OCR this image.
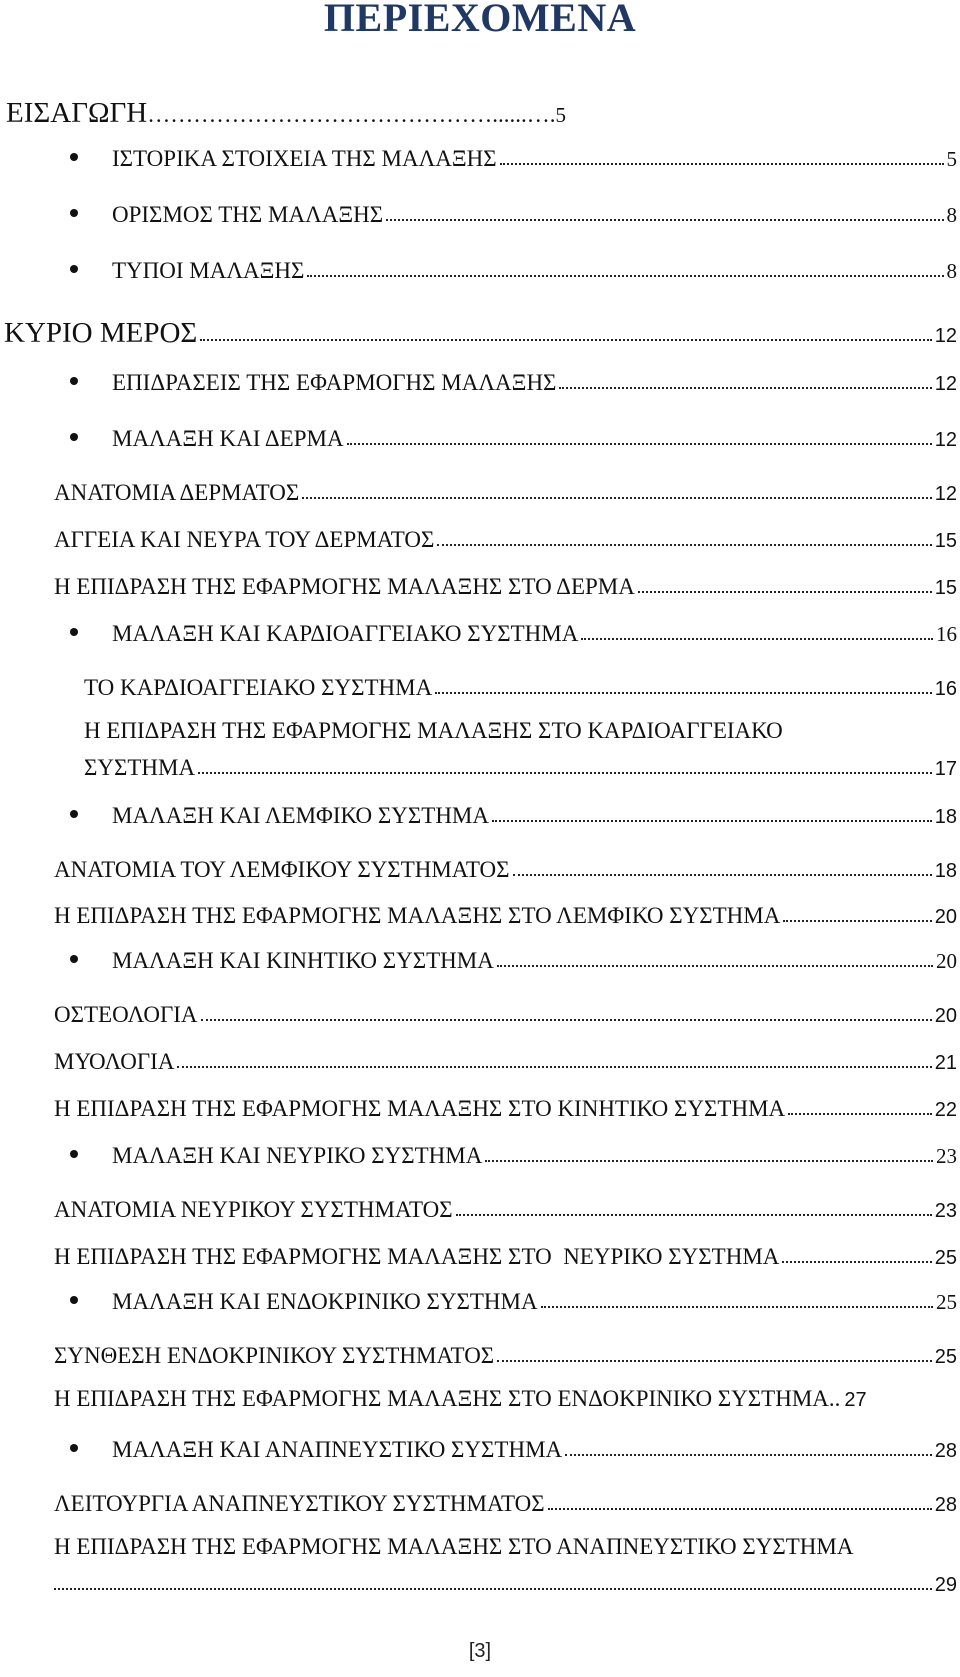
ΠΕΡΙΕΧΟΜΕΝΑ
ΕΙΣΑΓΩΓΗ ………………………………………......…. 5
ΙΣΤΟΡΙΚΑ ΣΤΟΙΧΕΙΑ ΤΗΣ ΜΑΛΑΞΗΣ	5
ΟΡΙΣΜΟΣ ΤΗΣ ΜΑΛΑΞΗΣ	8
ΤΥΠΟΙ ΜΑΛΑΞΗΣ	8
ΚΥΡΙΟ ΜΕΡΟΣ	12
ΕΠΙΔΡΑΣΕΙΣ ΤΗΣ ΕΦΑΡΜΟΓΗΣ ΜΑΛΑΞΗΣ	12
ΜΑΛΑΞΗ ΚΑΙ ΔΕΡΜΑ	12
ΑΝΑΤΟΜΙΑ ΔΕΡΜΑΤΟΣ	12
ΑΓΓΕΙΑ ΚΑΙ ΝΕΥΡΑ ΤΟΥ ΔΕΡΜΑΤΟΣ	15
Η ΕΠΙΔΡΑΣΗ ΤΗΣ ΕΦΑΡΜΟΓΗΣ ΜΑΛΑΞΗΣ ΣΤΟ ΔΕΡΜΑ	15
ΜΑΛΑΞΗ ΚΑΙ ΚΑΡΔΙΟΑΓΓΕΙΑΚΟ ΣΥΣΤΗΜΑ	16
ΤΟ ΚΑΡΔΙΟΑΓΓΕΙΑΚΟ ΣΥΣΤΗΜΑ	16
Η ΕΠΙΔΡΑΣΗ ΤΗΣ ΕΦΑΡΜΟΓΗΣ ΜΑΛΑΞΗΣ ΣΤΟ ΚΑΡΔΙΟΑΓΓΕΙΑΚΟ
ΣΥΣΤΗΜΑ	17
ΜΑΛΑΞΗ ΚΑΙ ΛΕΜΦΙΚΟ ΣΥΣΤΗΜΑ	18
ΑΝΑΤΟΜΙΑ ΤΟΥ ΛΕΜΦΙΚΟΥ ΣΥΣΤΗΜΑΤΟΣ	18
Η ΕΠΙΔΡΑΣΗ ΤΗΣ ΕΦΑΡΜΟΓΗΣ ΜΑΛΑΞΗΣ ΣΤΟ ΛΕΜΦΙΚΟ ΣΥΣΤΗΜΑ	20
ΜΑΛΑΞΗ ΚΑΙ ΚΙΝΗΤΙΚΟ ΣΥΣΤΗΜΑ	20
ΟΣΤΕΟΛΟΓΙΑ	20
ΜΥΟΛΟΓΙΑ	21
Η ΕΠΙΔΡΑΣΗ ΤΗΣ ΕΦΑΡΜΟΓΗΣ ΜΑΛΑΞΗΣ ΣΤΟ ΚΙΝΗΤΙΚΟ ΣΥΣΤΗΜΑ	22
ΜΑΛΑΞΗ ΚΑΙ ΝΕΥΡΙΚΟ ΣΥΣΤΗΜΑ	23
ΑΝΑΤΟΜΙΑ ΝΕΥΡΙΚΟΥ ΣΥΣΤΗΜΑΤΟΣ	23
Η ΕΠΙΔΡΑΣΗ ΤΗΣ ΕΦΑΡΜΟΓΗΣ ΜΑΛΑΞΗΣ ΣΤΟ  ΝΕΥΡΙΚΟ ΣΥΣΤΗΜΑ	25
ΜΑΛΑΞΗ ΚΑΙ ΕΝΔΟΚΡΙΝΙΚΟ ΣΥΣΤΗΜΑ	25
ΣΥΝΘΕΣΗ ΕΝΔΟΚΡΙΝΙΚΟΥ ΣΥΣΤΗΜΑΤΟΣ	25
Η ΕΠΙΔΡΑΣΗ ΤΗΣ ΕΦΑΡΜΟΓΗΣ ΜΑΛΑΞΗΣ ΣΤΟ ΕΝΔΟΚΡΙΝΙΚΟ ΣΥΣΤΗΜΑ.. 27
ΜΑΛΑΞΗ ΚΑΙ ΑΝΑΠΝΕΥΣΤΙΚΟ ΣΥΣΤΗΜΑ	28
ΛΕΙΤΟΥΡΓΙΑ ΑΝΑΠΝΕΥΣΤΙΚΟΥ ΣΥΣΤΗΜΑΤΟΣ	28
Η ΕΠΙΔΡΑΣΗ ΤΗΣ ΕΦΑΡΜΟΓΗΣ ΜΑΛΑΞΗΣ ΣΤΟ ΑΝΑΠΝΕΥΣΤΙΚΟ ΣΥΣΤΗΜΑ
29
[3]
